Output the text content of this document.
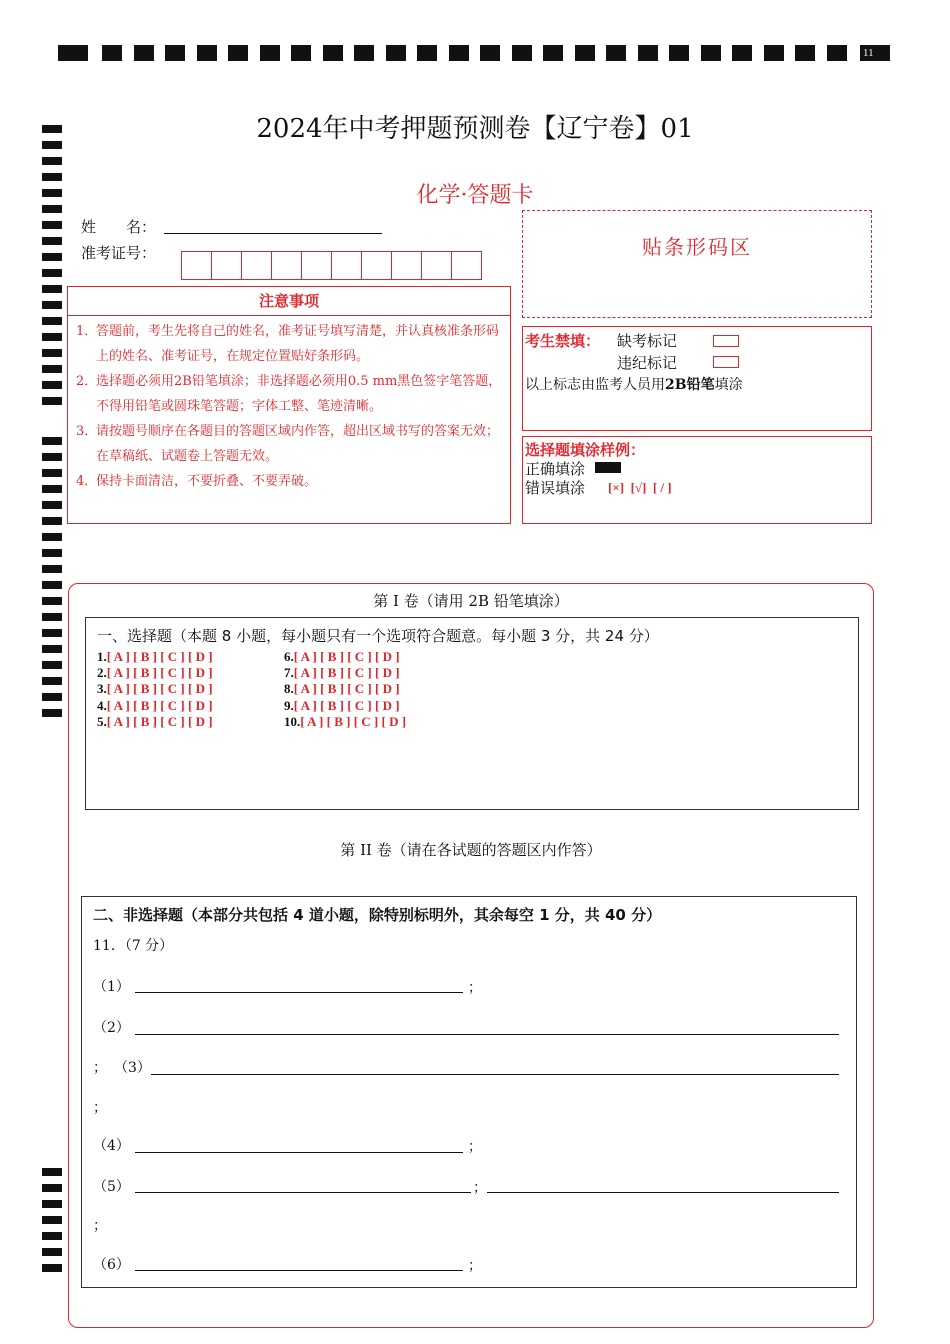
11
2024年中考押题预测卷【辽宁卷】01
化学·答题卡
姓　　名：
准考证号：
注意事项
1．
答题前，考生先将自己的姓名，准考证号填写清楚，并认真核准条形码上的姓名、准考证号，在规定位置贴好条形码。
2．
选择题必须用2B铅笔填涂；非选择题必须用0.5 mm黑色签字笔答题，不得用铅笔或圆珠笔答题；字体工整、笔迹清晰。
3．
请按题号顺序在各题目的答题区域内作答，超出区域书写的答案无效；在草稿纸、试题卷上答题无效。
4．
保持卡面清洁，不要折叠、不要弄破。
贴条形码区
考生禁填： 缺考标记
违纪标记
以上标志由监考人员用2B铅笔填涂
选择题填涂样例：
正确填涂
错误填涂 [×]  [√]  [ / ]
第 I 卷（请用 2B 铅笔填涂）
一、选择题（本题 8 小题，每小题只有一个选项符合题意。每小题 3 分，共 24 分）
1.[ A ] [ B ] [ C ] [ D ]
2.[ A ] [ B ] [ C ] [ D ]
3.[ A ] [ B ] [ C ] [ D ]
4.[ A ] [ B ] [ C ] [ D ]
5.[ A ] [ B ] [ C ] [ D ]
6.[ A ] [ B ] [ C ] [ D ]
7.[ A ] [ B ] [ C ] [ D ]
8.[ A ] [ B ] [ C ] [ D ]
9.[ A ] [ B ] [ C ] [ D ]
10.[ A ] [ B ] [ C ] [ D ]
第 II 卷（请在各试题的答题区内作答）
二、非选择题（本部分共包括 4 道小题，除特别标明外，其余每空 1 分，共 40 分）
11．（7 分）
（1）	；
（2）
； （3）
；
（4）	；
（5）	；
；
（6）	；
